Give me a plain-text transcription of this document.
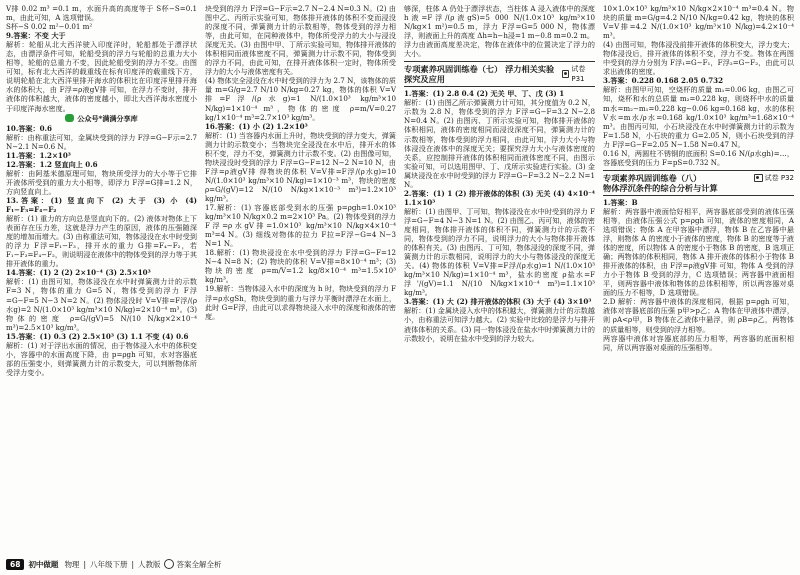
V排 0.02 m³ =0.1 m，水面升高的高度等于 S杯−S=0.1 m，由此可知，A 选项错误。

S杯−S 0.02 m²−0.01 m²

9.答案：不变 大于

解析：轮船从北大西洋驶入印度洋时，轮船都处于漂浮状态，由漂浮条件可知，轮船受到的浮力与轮船的总重力大小相等，轮船的总重力不变，因此轮船受到的浮力不变。由图可知，标有北大西洋的载重线在标有印度洋的载重线下方，说明轮船在北大西洋里排开海水的体积比在印度洋里排开海水的体积大，由 F浮=ρ液gV排 可知，在浮力不变时，排开液体的体积越大，液体的密度越小，即北大西洋海水密度小于印度洋海水密度。

公众号*满满分享库

10.答案：0.6

解析：由称重法可知，金属块受到的浮力 F浮=G−F示=2.7 N−2.1 N=0.6 N。

11.答案：1.2×10³

12.答案：1.2 竖直向上 0.6

解析：由阿基米德原理可知，物块所受浮力的大小等于它排开液体所受到的重力大小相等，即浮力 F浮=G排=1.2 N，方向竖直向上。

13.答案：(1) 竖直向下 (2) 大于 (3) 小 (4) F₁−F₃=F₄−F₂

解析：(1) 重力的方向总是竖直向下的。(2) 液体对物体上下表面存在压力差，这就是浮力产生的原因，液体的压强随深度的增加而增大。(3) 由称重法可知，物体浸没在水中时受到的浮力 F浮=F₁−F₃，排开水的重力 G排=F₄−F₂，若 F₁−F₃=F₄−F₂，则说明浸在液体中的物体受到的浮力等于其排开液体的重力。

14.答案：(1) 2 (2) 2×10⁻⁴ (3) 2.5×10³

解析：(1) 由图可知，物体浸没在水中时弹簧测力计的示数 F=3 N，物体的重力 G=5 N，物体受到的浮力 F浮=G−F=5 N−3 N=2 N。(2) 物体浸没时 V=V排=F浮/(ρ水g)=2 N/(1.0×10³ kg/m³×10 N/kg)=2×10⁻⁴ m³。(3) 物体的密度 ρ=G/(gV)=5 N/(10 N/kg×2×10⁻⁴ m³)=2.5×10³ kg/m³。

15.答案：(1) 0.3 (2) 2.5×10³ (3) 1.1 不变 (4) 0.6

解析：(1) 对于浮出水面的情况，由于物体浸入水中的体积变小，容器中的水面高度下降，由 p=ρgh 可知，水对容器底部的压强变小，则弹簧测力计的示数变大，可以判断物体所受浮力变小。

块受到的浮力 F浮=G−F示=2.7 N−2.4 N=0.3 N。(2) 由图中乙、丙所示实验可知，物体排开液体的体积不变而浸没的深度不同，弹簧测力计的示数相等，物体受到的浮力相等，由此可知，在同种液体中，物体所受浮力的大小与浸没深度无关。(3) 由图中甲、丁所示实验可知，物体排开液体的体积相同而液体密度不同，弹簧测力计示数不同，物体受到的浮力不同，由此可知，在排开液体体积一定时，物体所受浮力的大小与液体密度有关。

(4) 物体完全浸没在水中时受到的浮力为 2.7 N，该物体的质量 m=G/g=2.7 N/10 N/kg=0.27 kg，物体的体积 V=V排=F浮/(ρ水g)=1 N/(1.0×10³ kg/m³×10 N/kg)=1×10⁻⁴ m³，物体的密度 ρ=m/V=0.27 kg/1×10⁻⁴ m³=2.7×10³ kg/m³。

16.答案：(1) 小 (2) 1.2×10³

解析：(1) 当容器内水面上升时，物块受到的浮力变大，弹簧测力计的示数变小；当物块完全浸没在水中后，排开水的体积不变，浮力不变，弹簧测力计示数不变。(2) 由图像可知，物块浸没时受到的浮力 F浮=G−F=12 N−2 N=10 N，由 F浮=ρ液gV排 得物块的体积 V=V排=F浮/(ρ水g)=10 N/(1.0×10³ kg/m³×10 N/kg)=1×10⁻³ m³，物块的密度 ρ=G/(gV)=12 N/(10 N/kg×1×10⁻³ m³)=1.2×10³ kg/m³。

17.解析：(1) 容器底部受到水的压强 p=ρgh=1.0×10³ kg/m³×10 N/kg×0.2 m=2×10³ Pa。(2) 物体受到的浮力 F浮=ρ水gV排=1.0×10³ kg/m³×10 N/kg×4×10⁻⁴ m³=4 N。(3) 细线对物体的拉力 F拉=F浮−G=4 N−3 N=1 N。

18.解析：(1) 物块浸没在水中受到的浮力 F浮=G−F=12 N−4 N=8 N；(2) 物块的体积 V=V排=8×10⁻⁴ m³；(3) 物块的密度 ρ=m/V=1.2 kg/8×10⁻⁴ m³=1.5×10³ kg/m³。

19.解析：当物体浸入水中的深度为 h 时，物块受到的浮力 F浮=ρ水gSh，物块受到的重力与浮力平衡时漂浮在水面上，此时 G=F浮，由此可以求得物块浸入水中的深度和液体的密度。

够深，柱体 A 仍处于漂浮状态，当柱体 A 浸入液体中的深度 h液=F浮/(ρ液gS)=5 000 N/(1.0×10³ kg/m³×10 N/kg×1 m²)=0.5 m，浮力 F浮=G=5 000 N，物体漂浮，则液面上升的高度 Δh=h−h浸=1 m−0.8 m=0.2 m。

浮力由液面高度差决定，物体在液体中的位置决定了浮力的大小。

专项素养巩固训练卷（七） 浮力相关实验探究及应用
试卷 P31

1.答案：(1) 2.8 0.4 (2) 无关 甲、丁、戊 (3) 1

解析：(1) 由图乙所示弹簧测力计可知，其分度值为 0.2 N，示数为 2.8 N，物体受到的浮力 F浮=G−F=3.2 N−2.8 N=0.4 N。(2) 由图丙、丁所示实验可知，物体排开液体的体积相同，液体的密度相同而浸没深度不同，弹簧测力计的示数相等，物体受到的浮力相同，由此可知，浮力大小与物体浸没在液体中的深度无关；要探究浮力大小与液体密度的关系，应控制排开液体的体积相同而液体密度不同，由图示实验可知，可以选用图甲、丁、戊所示实验进行实验。(3) 金属块浸没在水中时受到的浮力 F浮=G−F=3.2 N−2.2 N=1 N。

2.答案：(1) 1 (2) 排开液体的体积 (3) 无关 (4) 4×10⁻⁴ 1.1×10³

解析：(1) 由图甲、丁可知，物体浸没在水中时受到的浮力 F浮=G−F=4 N−3 N=1 N。(2) 由图乙、丙可知，液体的密度相同，物体排开液体的体积不同，弹簧测力计的示数不同，物体受到的浮力不同，说明浮力的大小与物体排开液体的体积有关。(3) 由图丙、丁可知，物体浸没的深度不同，弹簧测力计的示数相同，说明浮力的大小与物体浸没的深度无关。(4) 物体的体积 V=V排=F浮/(ρ水g)=1 N/(1.0×10³ kg/m³×10 N/kg)=1×10⁻⁴ m³，盐水的密度 ρ盐水=F浮'/(gV)=1.1 N/(10 N/kg×1×10⁻⁴ m³)=1.1×10³ kg/m³。

3.答案：(1) 大 (2) 排开液体的体积 (3) 大于 (4) 3×10³

解析：(1) 金属块浸入水中的体积越大，弹簧测力计的示数越小，由称重法可知浮力越大。(2) 实验中比较的是浮力与排开液体体积的关系。(3) 同一物体浸没在盐水中时弹簧测力计的示数较小，说明在盐水中受到的浮力较大。

10×1.0×10³ kg/m³×10 N/kg×2×10⁻⁴ m³=0.4 N。物块的质量 m=G/g=4.2 N/10 N/kg=0.42 kg，物块的体积 V=V排=4.2 N/(1.0×10³ kg/m³×10 N/kg)=4.2×10⁻⁴ m³。

(4) 由图可知，物体浸没前排开液体的体积变大，浮力变大；物体浸没后，排开液体的体积不变，浮力不变。物体在两图中受到的浮力分别为 F浮₁=G−F₁，F浮₂=G−F₂，由此可以求出液体的密度。

3.答案：0.228 0.168 2.05 0.732

解析：由图甲可知，空烧杯的质量 m₁=0.06 kg，由图乙可知，烧杯和水的总质量 m₂=0.228 kg，则烧杯中水的质量 m水=m₂−m₁=0.228 kg−0.06 kg=0.168 kg，水的体积 V水=m水/ρ水=0.168 kg/1.0×10³ kg/m³=1.68×10⁻⁴ m³。由图丙可知，小石块浸没在水中时弹簧测力计的示数为 F=1.58 N，小石块的重力 G=2.05 N，则小石块受到的浮力 F浮=G−F=2.05 N−1.58 N=0.47 N。

0.16 N，两圆柱不锈钢的底面积 S=0.16 N/(ρ水gh)=…，容器底受到的压力 F=pS=0.732 N。

专项素养巩固训练卷（八）	试卷 P32
物体浮沉条件的综合分析与计算

1.答案：B

解析：两容器中液面恰好相平，两容器底部受到的液体压强相等，由液体压强公式 p=ρgh 可知，液体的密度相同，A 选项错误；物体 A 在甲容器中漂浮，物体 B 在乙容器中悬浮，则物体 A 的密度小于液体的密度，物体 B 的密度等于液体的密度，所以物体 A 的密度小于物体 B 的密度，B 选项正确；两物体的体积相同，物体 A 排开液体的体积小于物体 B 排开液体的体积，由 F浮=ρ液gV排 可知，物体 A 受到的浮力小于物体 B 受到的浮力，C 选项错误；两容器中液面相平，则两容器中液体和物体的总体积相等，所以两容器对桌面的压力不相等，D 选项错误。

2.D 解析：两容器中液体的深度相同，根据 p=ρgh 可知，液体对容器底部的压强 p甲>p乙；A 物体在甲液体中漂浮，则 ρA<ρ甲，B 物体在乙液体中悬浮，则 ρB=ρ乙，两物体的质量相等，则受到的浮力相等。

两容器中液体对容器底部的压力相等，两容器的底面积相同，所以两容器对桌面的压强相等。

68	初中做题 物理 | 八年级下册 | 人教版 答案全解全析
